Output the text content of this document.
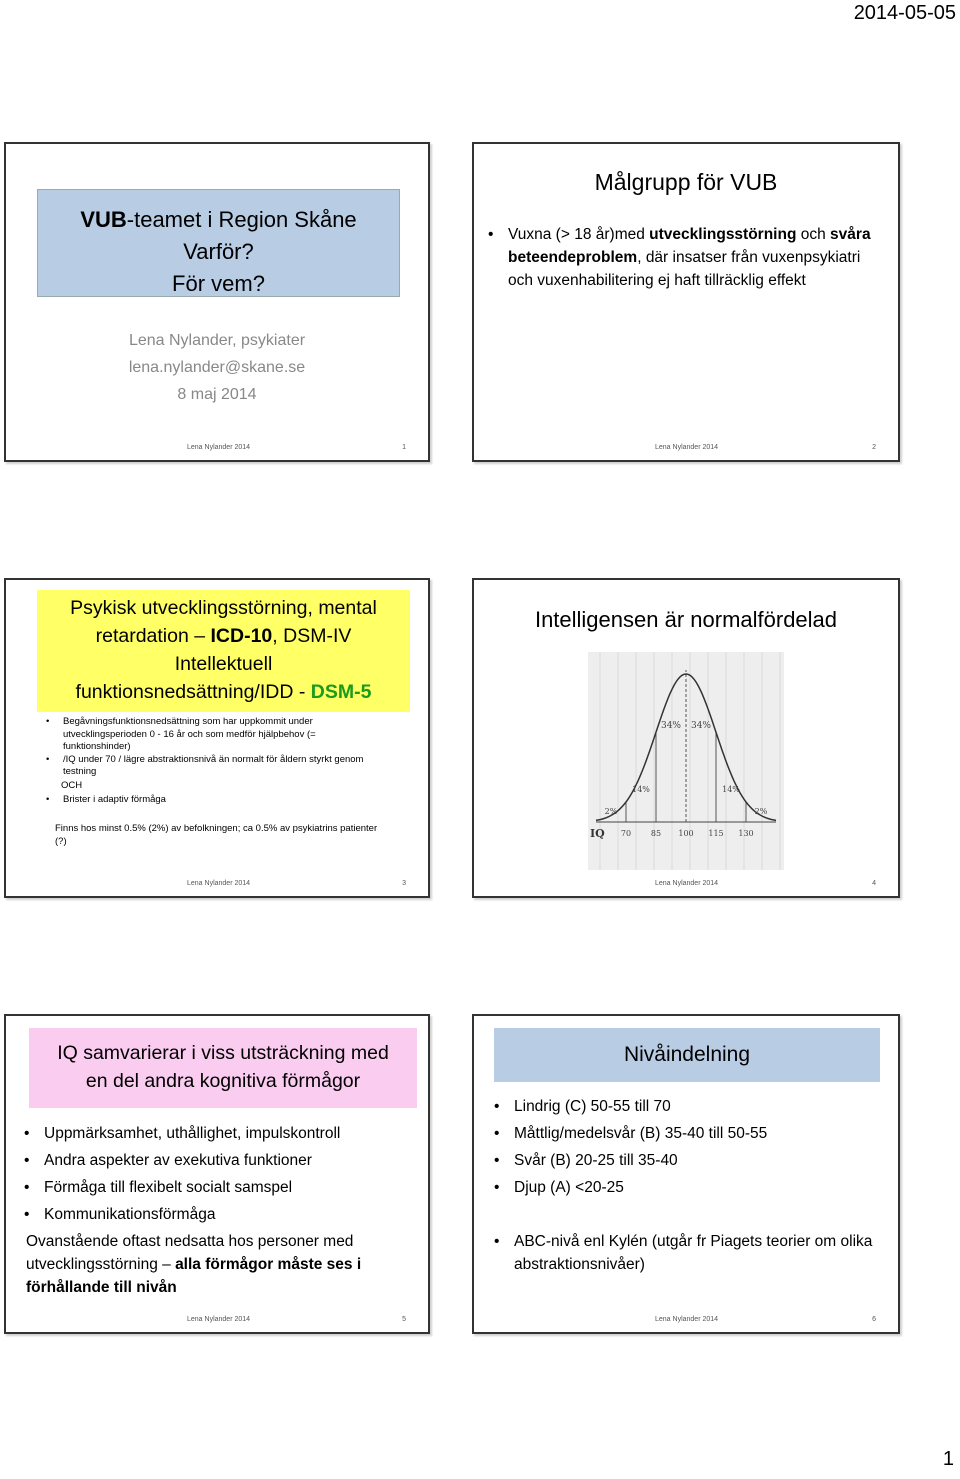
2014-05-05
VUB-teamet i Region Skåne
Varför?
För vem?
Lena Nylander, psykiater
lena.nylander@skane.se
8 maj 2014
Lena Nylander 2014	1
Målgrupp för VUB
• Vuxna (> 18 år)med utvecklingsstörning och svåra beteendeproblem, där insatser från vuxenpsykiatri och vuxenhabilitering ej haft tillräcklig effekt
Lena Nylander 2014	2
Psykisk utvecklingsstörning, mental
retardation – ICD-10, DSM-IV
Intellektuell
funktionsnedsättning/IDD - DSM-5
• Begåvningsfunktionsnedsättning som har uppkommit under utvecklingsperioden 0 - 16 år och som medför hjälpbehov (= funktionshinder)
• /IQ under 70 / lägre abstraktionsnivå än normalt för åldern styrkt genom testning
OCH
• Brister i adaptiv förmåga
Finns hos minst 0.5% (2%) av befolkningen; ca 0.5% av psykiatrins patienter (?)
Lena Nylander 2014	3
Intelligensen är normalfördelad
2%
14%
34% 34%
14%
2%
70 85 100 115 130
IQ
Lena Nylander 2014	4
IQ samvarierar i viss utsträckning med
en del andra kognitiva förmågor
• Uppmärksamhet, uthållighet, impulskontroll
• Andra aspekter av exekutiva funktioner
• Förmåga till flexibelt socialt samspel
• Kommunikationsförmåga
Ovanstående oftast nedsatta hos personer med utvecklingsstörning – alla förmågor måste ses i förhållande till nivån
Lena Nylander 2014	5
Nivåindelning
• Lindrig (C) 50-55 till 70
• Måttlig/medelsvår (B) 35-40 till 50-55
• Svår (B) 20-25 till 35-40
• Djup (A) <20-25
• ABC-nivå enl Kylén (utgår fr Piagets teorier om olika abstraktionsnivåer)
Lena Nylander 2014	6
1
